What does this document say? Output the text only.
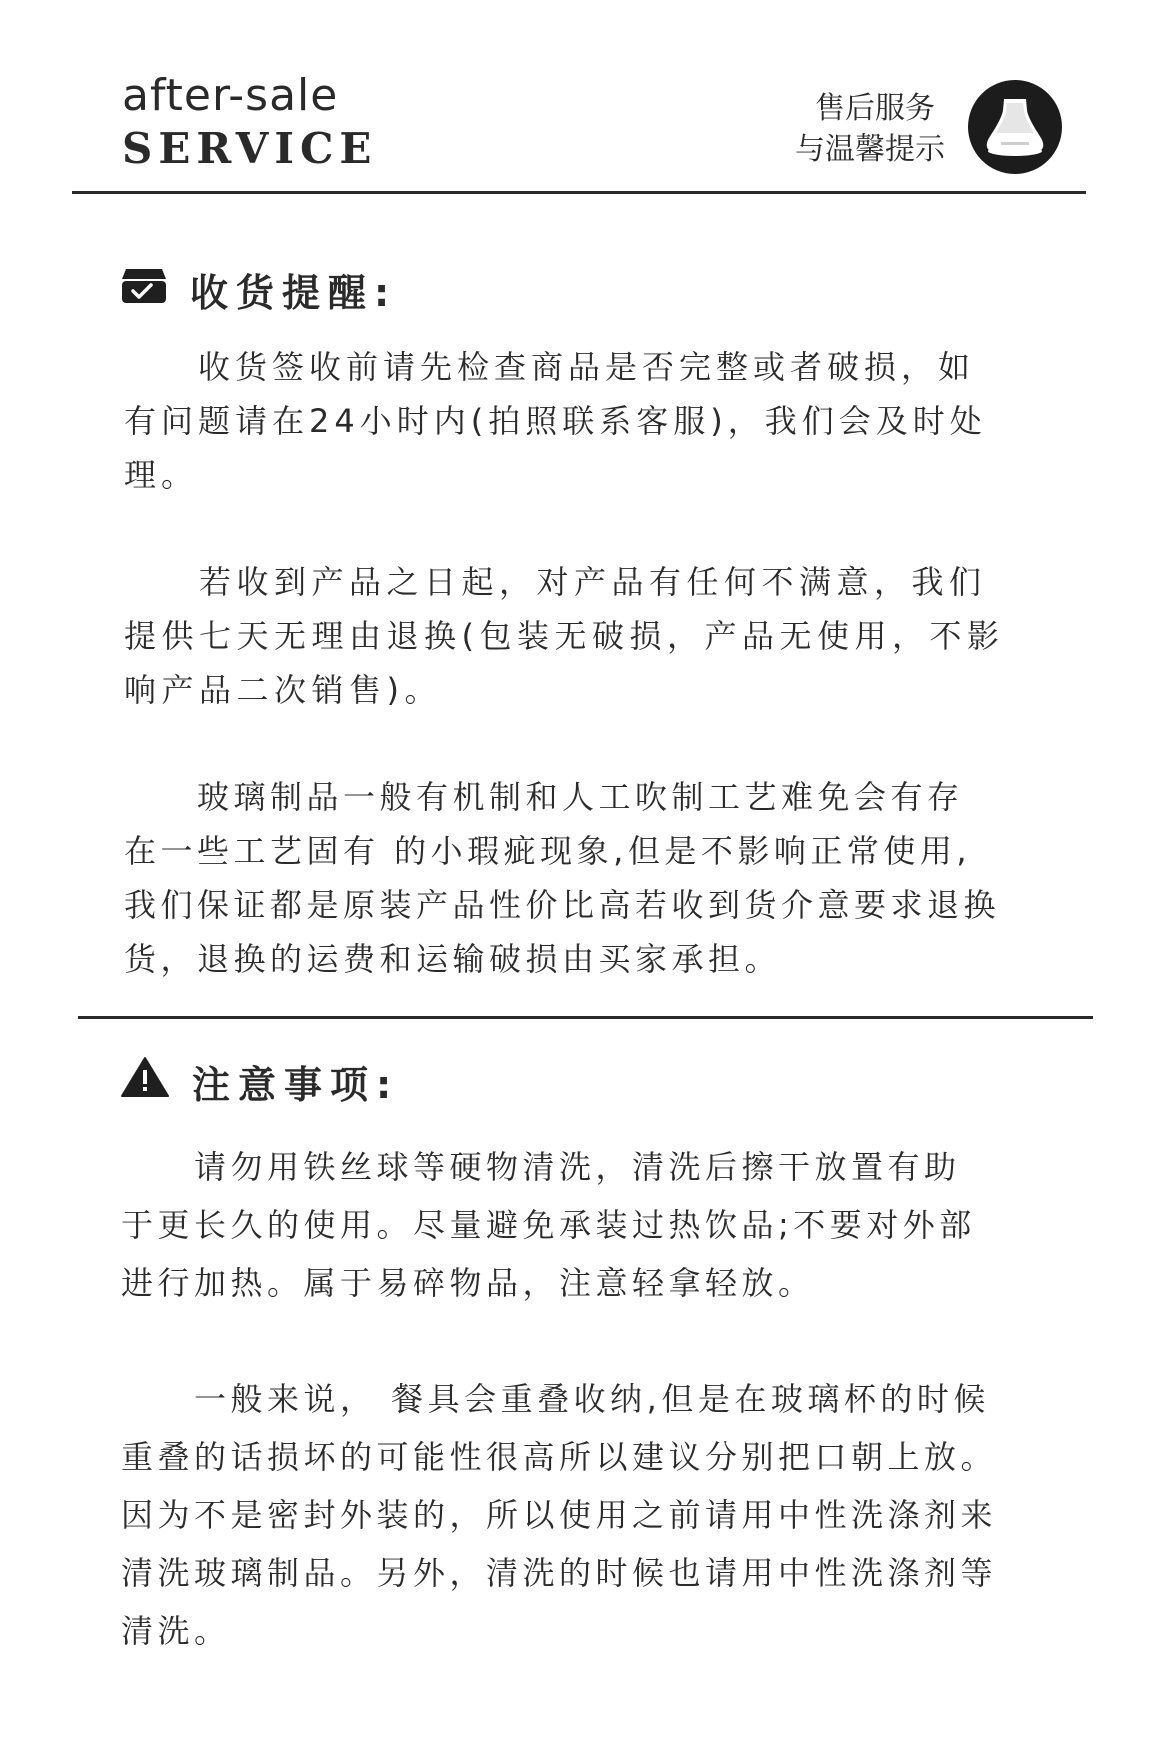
after-sale
SERVICE
售后服务
与温馨提示
收货提醒:
　　收货签收前请先检查商品是否完整或者破损，如
有问题请在24小时内(拍照联系客服)，我们会及时处
理。
　　若收到产品之日起，对产品有任何不满意，我们
提供七天无理由退换(包装无破损，产品无使用，不影
响产品二次销售)。
　　玻璃制品一般有机制和人工吹制工艺难免会有存
在一些工艺固有 的小瑕疵现象,但是不影响正常使用,
我们保证都是原装产品性价比高若收到货介意要求退换
货，退换的运费和运输破损由买家承担。
注意事项:
　　请勿用铁丝球等硬物清洗，清洗后擦干放置有助
于更长久的使用。尽量避免承装过热饮品;不要对外部
进行加热。属于易碎物品，注意轻拿轻放。
　　一般来说， 餐具会重叠收纳,但是在玻璃杯的时候
重叠的话损坏的可能性很高所以建议分别把口朝上放。
因为不是密封外装的，所以使用之前请用中性洗涤剂来
清洗玻璃制品。另外，清洗的时候也请用中性洗涤剂等
清洗。
